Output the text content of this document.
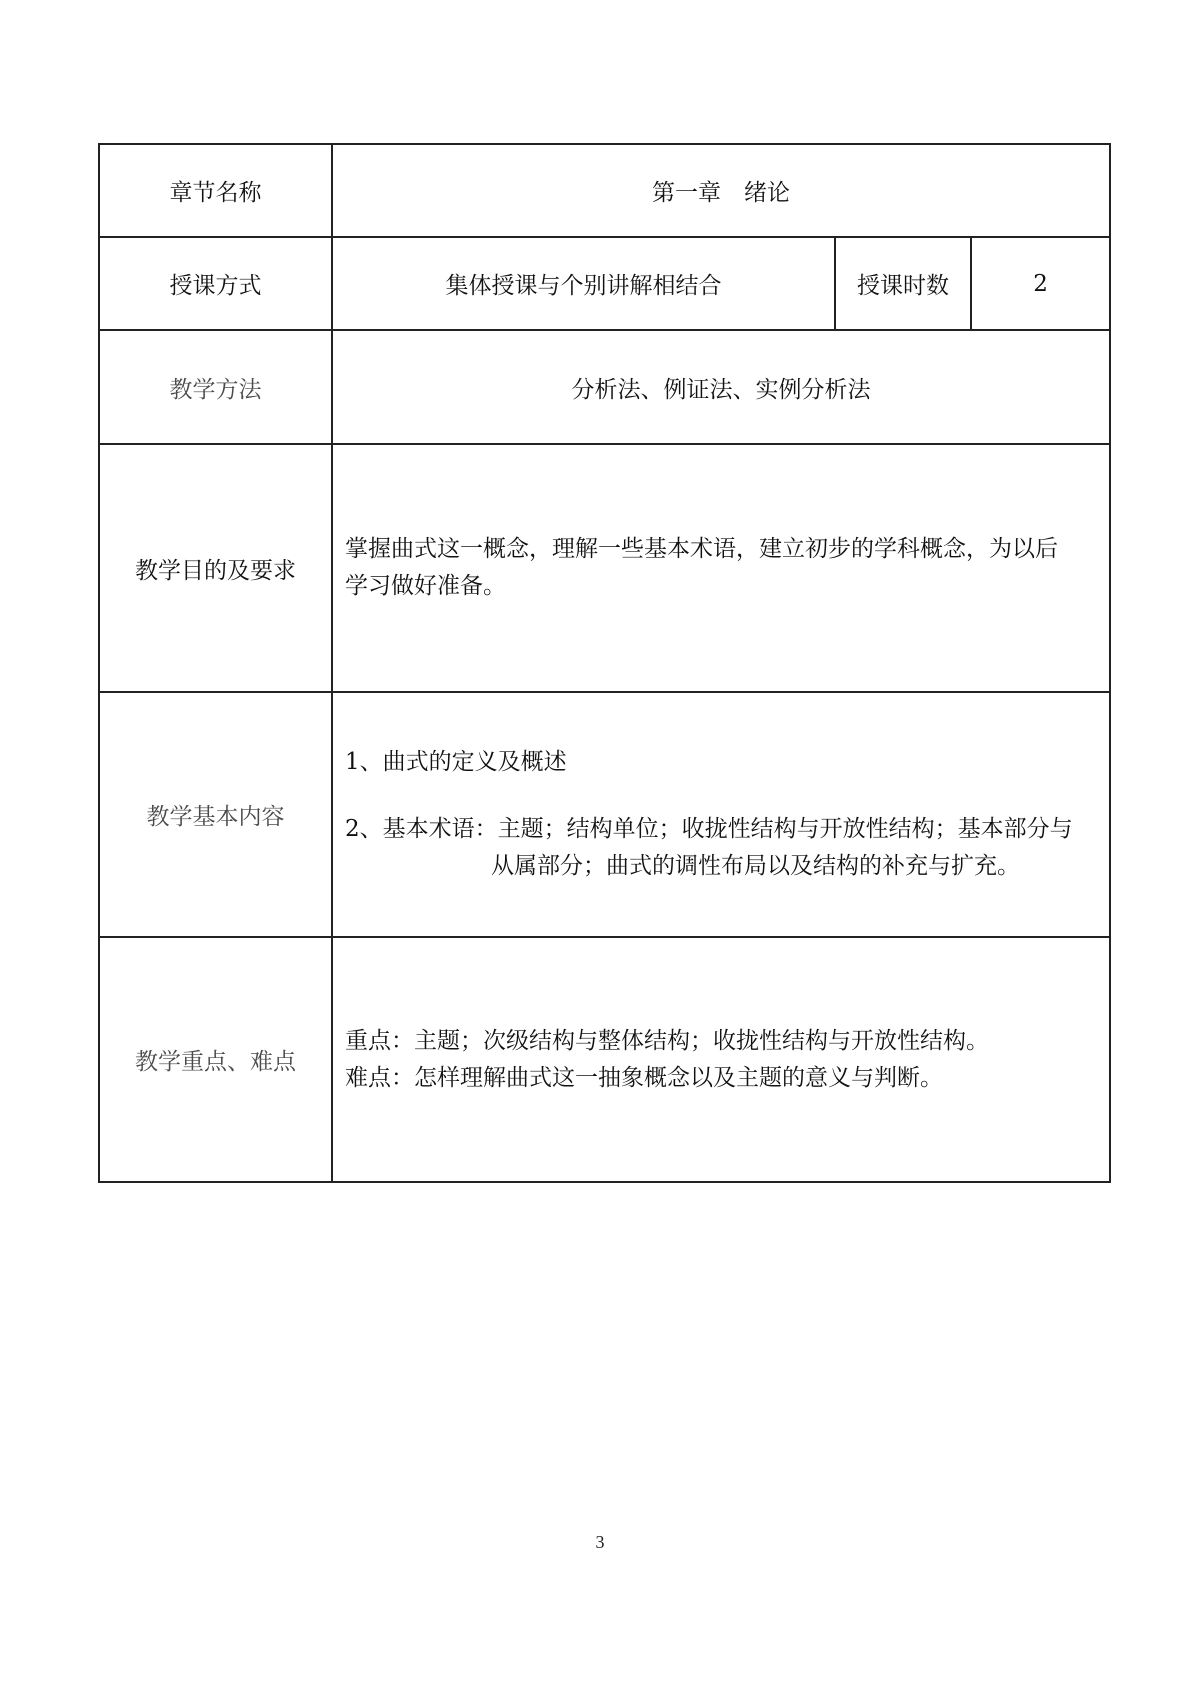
章节名称	第一章　绪论		
授课方式	集体授课与个别讲解相结合	授课时数	2
教学方法	分析法、例证法、实例分析法		
教学目的及要求	掌握曲式这一概念，理解一些基本术语，建立初步的学科概念，为以后

学习做好准备。		

教学基本内容	1、曲式的定义及概述

2、基本术语：主题；结构单位；收拢性结构与开放性结构；基本部分与

从属部分；曲式的调性布局以及结构的补充与扩充。		

教学重点、难点	重点：主题；次级结构与整体结构；收拢性结构与开放性结构。

难点：怎样理解曲式这一抽象概念以及主题的意义与判断。		

3
